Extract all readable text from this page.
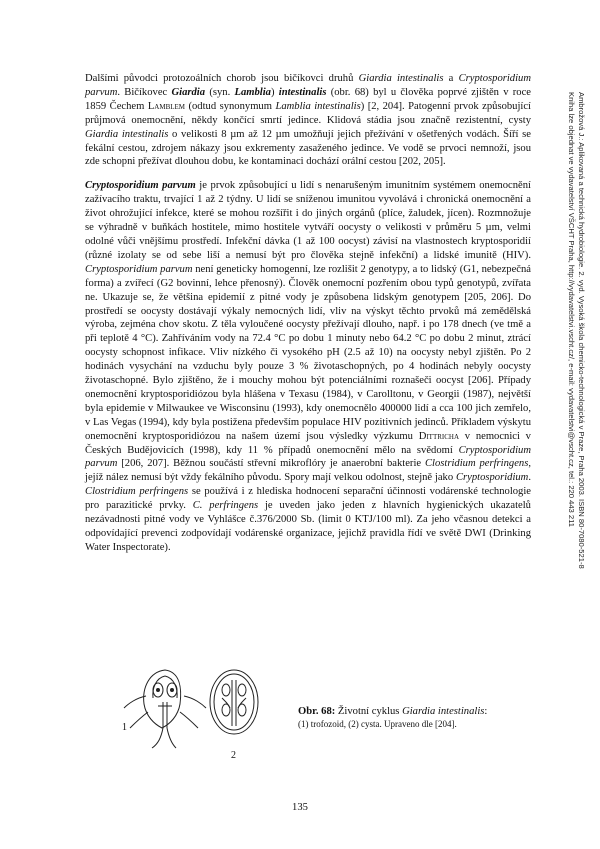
Ambrožová J.: Aplikovaná a technická hydrobiologie. 2. vyd. Vysoká škola chemicko-technologická v Praze, Praha 2003. ISBN 80-7080-521-8
Kniha lze objednat ve vydavatelství VŠCHT Praha, http://vydavatelstvi.vscht.cz/, e-mail: vydavatelstvi@vscht.cz, tel.: 220 443 211

Dalšími původci protozoálních chorob jsou bičíkovci druhů Giardia intestinalis a Cryptosporidium parvum. Bičíkovec Giardia (syn. Lamblia) intestinalis (obr. 68) byl u člověka poprvé zjištěn v roce 1859 Čechem Lamblem (odtud synonymum Lamblia intestinalis) [2, 204]. Patogenní prvok způsobující průjmová onemocnění, někdy končící smrtí jedince. Klidová stádia jsou značně rezistentní, cysty Giardia intestinalis o velikosti 8 µm až 12 µm umožňují jejich přežívání v ošetřených vodách. Šíří se fekální cestou, zdrojem nákazy jsou exkrementy zasaženého jedince. Ve vodě se prvoci nemnoží, jsou zde schopni přežívat dlouhou dobu, ke kontaminaci dochází orální cestou [202, 205].

Cryptosporidium parvum je prvok způsobující u lidí s nenarušeným imunitním systémem onemocnění zažívacího traktu, trvající 1 až 2 týdny. U lidí se sníženou imunitou vyvolává i chronická onemocnění a život ohrožující infekce, které se mohou rozšířit i do jiných orgánů (plíce, žaludek, jícen). Rozmnožuje se výhradně v buňkách hostitele, mimo hostitele vytváří oocysty o velikosti v průměru 5 µm, velmi odolné vůči vnějšímu prostředí. Infekční dávka (1 až 100 oocyst) závisí na vlastnostech kryptosporidií (různé izolaty se od sebe liší a nemusí být pro člověka stejně infekční) a lidské imunitě (HIV). Cryptosporidium parvum není geneticky homogenní, lze rozlišit 2 genotypy, a to lidský (G1, nebezpečná forma) a zvířecí (G2 bovinní, lehce přenosný). Člověk onemocní pozřením obou typů genotypů, zvířata ne. Ukazuje se, že většina epidemií z pitné vody je způsobena lidským genotypem [205, 206]. Do prostředí se oocysty dostávají výkaly nemocných lidí, vliv na výskyt těchto prvoků má zemědělská výroba, zejména chov skotu. Z těla vyloučené oocysty přežívají dlouho, např. i po 178 dnech (ve tmě a při teplotě 4 °C). Zahříváním vody na 72.4 °C po dobu 1 minuty nebo 64.2 °C po dobu 2 minut, ztrácí oocysty schopnost infikace. Vliv nízkého či vysokého pH (2.5 až 10) na oocysty nebyl zjištěn. Po 2 hodinách vysychání na vzduchu byly pouze 3 % životaschopných, po 4 hodinách nebyly oocysty životaschopné. Bylo zjištěno, že i mouchy mohou být potenciálními roznašeči oocyst [206]. Případy onemocnění kryptosporidiózou byla hlášena v Texasu (1984), v Carolltonu, v Georgii (1987), největší byla epidemie v Milwaukee ve Wisconsinu (1993), kdy onemocnělo 400000 lidí a cca 100 jich zemřelo, v Las Vegas (1994), kdy byla postižena především populace HIV pozitivních jedinců. Příkladem výskytu onemocnění kryptosporidiózou na našem území jsou výsledky výzkumu Dittricha v nemocnici v Českých Budějovicích (1998), kdy 11 % případů onemocnění mělo na svědomí Cryptosporidium parvum [206, 207]. Běžnou součástí střevní mikroflóry je anaerobní bakterie Clostridium perfringens, jejíž nález nemusí být vždy fekálního původu. Spory mají velkou odolnost, stejně jako Cryptosporidium. Clostridium perfringens se používá i z hlediska hodnocení separační účinnosti vodárenské technologie pro parazitické prvky. C. perfringens je uveden jako jeden z hlavních hygienických ukazatelů nezávadnosti pitné vody ve Vyhlášce č.376/2000 Sb. (limit 0 KTJ/100 ml). Za jeho včasnou detekci a odpovídající prevenci zodpovídají vodárenské organizace, jejichž pravidla řídí ve světě DWI (Drinking Water Inspectorate).

1
2
Obr. 68: Životní cyklus Giardia intestinalis:
(1) trofozoid, (2) cysta. Upraveno dle [204].
135
